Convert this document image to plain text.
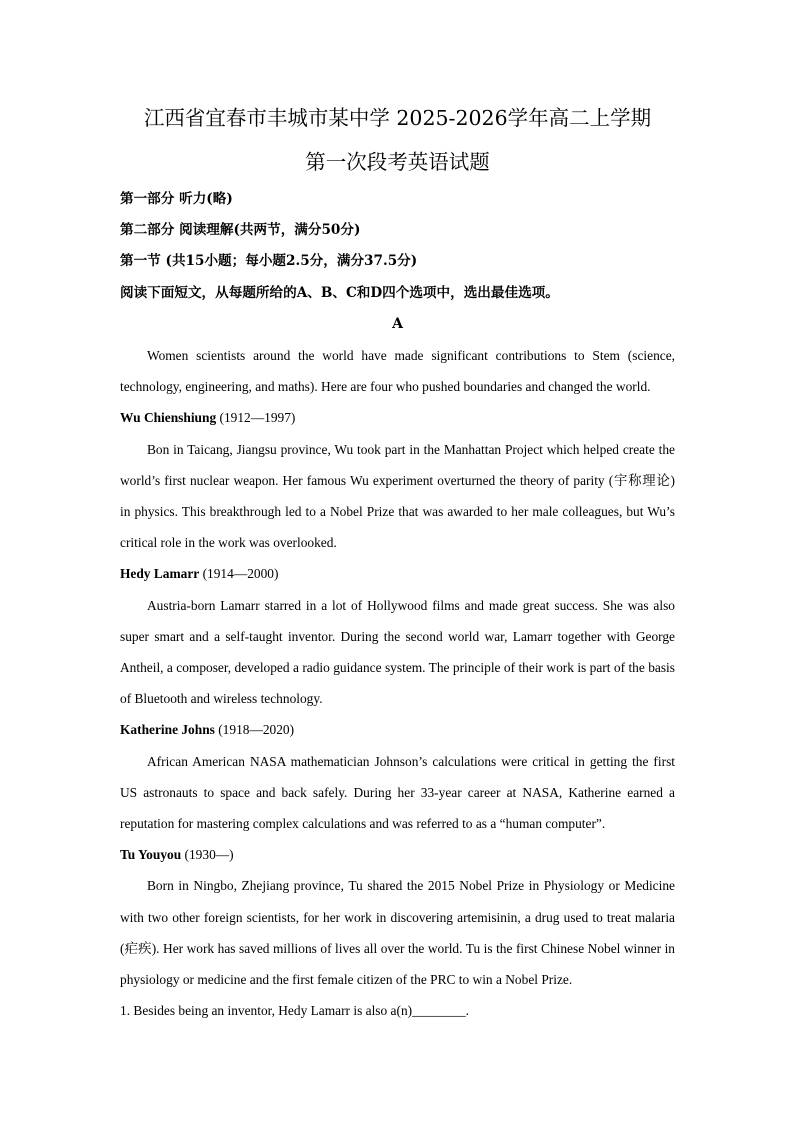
江西省宜春市丰城市某中学 2025-2026学年高二上学期

第一次段考英语试题

第一部分 听力(略)

第二部分 阅读理解(共两节，满分50分)

第一节 (共15小题；每小题2.5分，满分37.5分)

阅读下面短文，从每题所给的A、B、C和D四个选项中，选出最佳选项。

A

Women scientists around the world have made significant contributions to Stem (science, technology, engineering, and maths). Here are four who pushed boundaries and changed the world.

Wu Chienshiung (1912—1997)

Bon in Taicang, Jiangsu province, Wu took part in the Manhattan Project which helped create the world’s first nuclear weapon. Her famous Wu experiment overturned the theory of parity (宇称理论) in physics. This breakthrough led to a Nobel Prize that was awarded to her male colleagues, but Wu’s critical role in the work was overlooked.

Hedy Lamarr (1914—2000)

Austria-born Lamarr starred in a lot of Hollywood films and made great success. She was also super smart and a self-taught inventor. During the second world war, Lamarr together with George Antheil, a composer, developed a radio guidance system. The principle of their work is part of the basis of Bluetooth and wireless technology.

Katherine Johns (1918—2020)

African American NASA mathematician Johnson’s calculations were critical in getting the first US astronauts to space and back safely. During her 33-year career at NASA, Katherine earned a reputation for mastering complex calculations and was referred to as a “human computer”.

Tu Youyou (1930—)

Born in Ningbo, Zhejiang province, Tu shared the 2015 Nobel Prize in Physiology or Medicine with two other foreign scientists, for her work in discovering artemisinin, a drug used to treat malaria (疟疾). Her work has saved millions of lives all over the world. Tu is the first Chinese Nobel winner in physiology or medicine and the first female citizen of the PRC to win a Nobel Prize.

1. Besides being an inventor, Hedy Lamarr is also a(n)________.
